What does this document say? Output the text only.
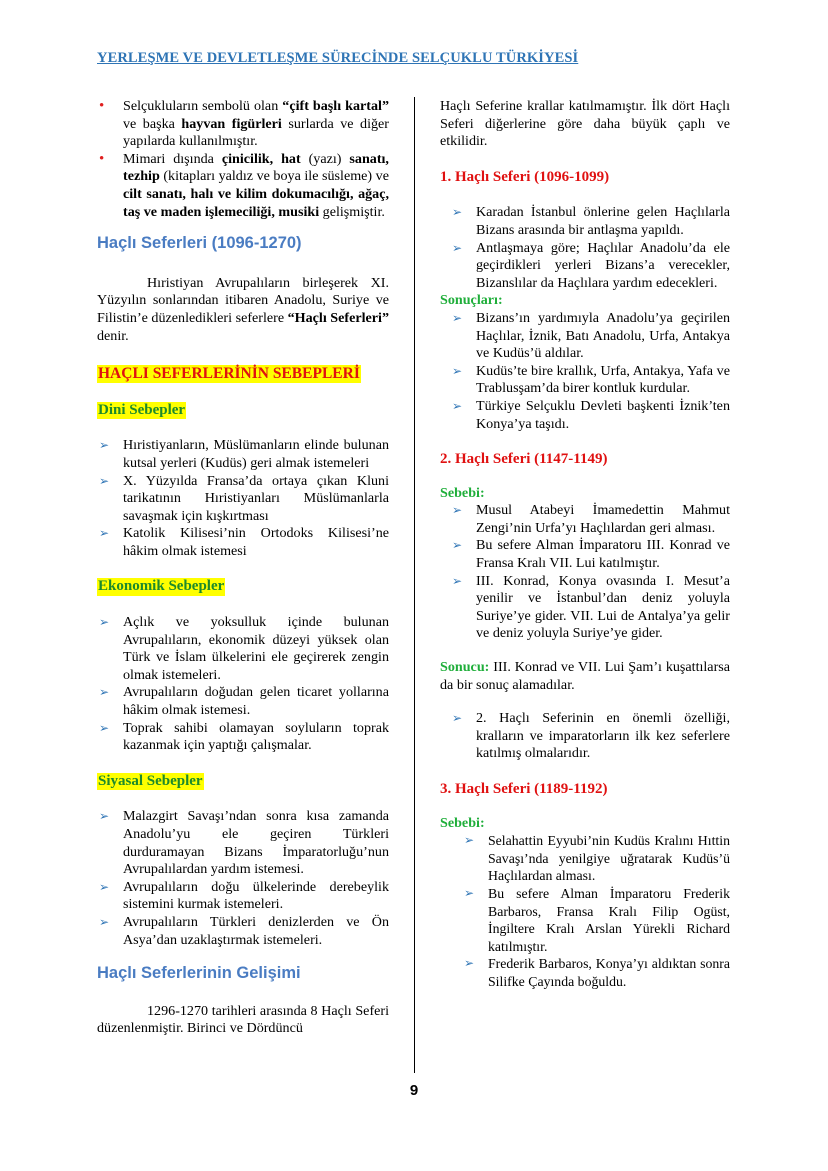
YERLEŞME VE DEVLETLEŞME SÜRECİNDE SELÇUKLU TÜRKİYESİ
• Selçukluların sembolü olan “çift başlı kartal” ve başka hayvan figürleri surlarda ve diğer yapılarda kullanılmıştır.
• Mimari dışında çinicilik, hat (yazı) sanatı, tezhip (kitapları yaldız ve boya ile süsleme) ve cilt sanatı, halı ve kilim dokumacılığı, ağaç, taş ve maden işlemeciliği, musiki gelişmiştir.
Haçlı Seferleri (1096-1270)

Hıristiyan Avrupalıların birleşerek XI. Yüzyılın sonlarından itibaren Anadolu, Suriye ve Filistin’e düzenledikleri seferlere “Haçlı Seferleri” denir.

HAÇLI SEFERLERİNİN SEBEPLERİ
Dini Sebepler
➢ Hıristiyanların, Müslümanların elinde bulunan kutsal yerleri (Kudüs) geri almak istemeleri
➢ X. Yüzyılda Fransa’da ortaya çıkan Kluni tarikatının Hıristiyanları Müslümanlarla savaşmak için kışkırtması
➢ Katolik Kilisesi’nin Ortodoks Kilisesi’ne hâkim olmak istemesi
Ekonomik Sebepler
➢ Açlık ve yoksulluk içinde bulunan Avrupalıların, ekonomik düzeyi yüksek olan Türk ve İslam ülkelerini ele geçirerek zengin olmak istemeleri.
➢ Avrupalıların doğudan gelen ticaret yollarına hâkim olmak istemesi.
➢ Toprak sahibi olamayan soyluların toprak kazanmak için yaptığı çalışmalar.
Siyasal Sebepler
➢ Malazgirt Savaşı’ndan sonra kısa zamanda Anadolu’yu ele geçiren Türkleri durduramayan Bizans İmparatorluğu’nun Avrupalılardan yardım istemesi.
➢ Avrupalıların doğu ülkelerinde derebeylik sistemini kurmak istemeleri.
➢ Avrupalıların Türkleri denizlerden ve Ön Asya’dan uzaklaştırmak istemeleri.
Haçlı Seferlerinin Gelişimi

1296-1270 tarihleri arasında 8 Haçlı Seferi düzenlenmiştir. Birinci ve Dördüncü

Haçlı Seferine krallar katılmamıştır. İlk dört Haçlı Seferi diğerlerine göre daha büyük çaplı ve etkilidir.

1. Haçlı Seferi (1096-1099)
➢ Karadan İstanbul önlerine gelen Haçlılarla Bizans arasında bir antlaşma yapıldı.
➢ Antlaşmaya göre; Haçlılar Anadolu’da ele geçirdikleri yerleri Bizans’a verecekler, Bizanslılar da Haçlılara yardım edecekleri.
Sonuçları:
➢ Bizans’ın yardımıyla Anadolu’ya geçirilen Haçlılar, İznik, Batı Anadolu, Urfa, Antakya ve Kudüs’ü aldılar.
➢ Kudüs’te bire krallık, Urfa, Antakya, Yafa ve Trablusşam’da birer kontluk kurdular.
➢ Türkiye Selçuklu Devleti başkenti İznik’ten Konya’ya taşıdı.
2. Haçlı Seferi (1147-1149)
Sebebi:
➢ Musul Atabeyi İmamedettin Mahmut Zengi’nin Urfa’yı Haçlılardan geri alması.
➢ Bu sefere Alman İmparatoru III. Konrad ve Fransa Kralı VII. Lui katılmıştır.
➢ III. Konrad, Konya ovasında I. Mesut’a yenilir ve İstanbul’dan deniz yoluyla Suriye’ye gider. VII. Lui de Antalya’ya gelir ve deniz yoluyla Suriye’ye gider.

Sonucu: III. Konrad ve VII. Lui Şam’ı kuşattılarsa da bir sonuç alamadılar.

➢ 2. Haçlı Seferinin en önemli özelliği, kralların ve imparatorların ilk kez seferlere katılmış olmalarıdır.
3. Haçlı Seferi (1189-1192)
Sebebi:
➢ Selahattin Eyyubi’nin Kudüs Kralını Hıttin Savaşı’nda yenilgiye uğratarak Kudüs’ü Haçlılardan alması.
➢ Bu sefere Alman İmparatoru Frederik Barbaros, Fransa Kralı Filip Ogüst, İngiltere Kralı Arslan Yürekli Richard katılmıştır.
➢ Frederik Barbaros, Konya’yı aldıktan sonra Silifke Çayında boğuldu.
9
